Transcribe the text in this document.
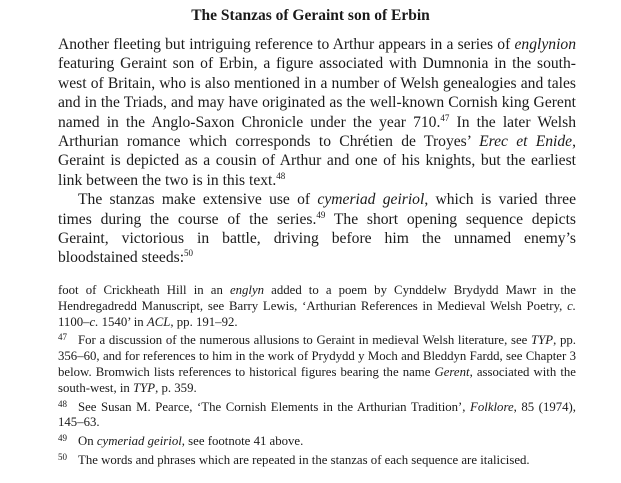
The Stanzas of Geraint son of Erbin

Another fleeting but intriguing reference to Arthur appears in a series of englynion featuring Geraint son of Erbin, a figure associated with Dumnonia in the south-west of Britain, who is also mentioned in a number of Welsh genealogies and tales and in the Triads, and may have originated as the well-known Cornish king Gerent named in the Anglo-Saxon Chronicle under the year 710.47 In the later Welsh Arthurian romance which corresponds to Chrétien de Troyes’ Erec et Enide, Geraint is depicted as a cousin of Arthur and one of his knights, but the earliest link between the two is in this text.$^{48}$

The stanzas make extensive use of cymeriad geiriol, which is varied three times during the course of the series.$^{49}$ The short opening sequence depicts Geraint, victorious in battle, driving before him the unnamed enemy’s bloodstained steeds:$^{50}$

foot of Crickheath Hill in an englyn added to a poem by Cynddelw Brydydd Mawr in the Hendregadredd Manuscript, see Barry Lewis, ‘Arthurian References in Medieval Welsh Poetry, c. 1100–c. 1540’ in ACL, pp. 191–92.

47 For a discussion of the numerous allusions to Geraint in medieval Welsh literature, see TYP, pp. 356–60, and for references to him in the work of Prydydd y Moch and Bleddyn Fardd, see Chapter 3 below. Bromwich lists references to historical figures bearing the name Gerent, associated with the south-west, in TYP, p. 359.

48 See Susan M. Pearce, ‘The Cornish Elements in the Arthurian Tradition’, Folklore, 85 (1974), 145–63.

49 On cymeriad geiriol, see footnote 41 above.

50 The words and phrases which are repeated in the stanzas of each sequence are italicised.
